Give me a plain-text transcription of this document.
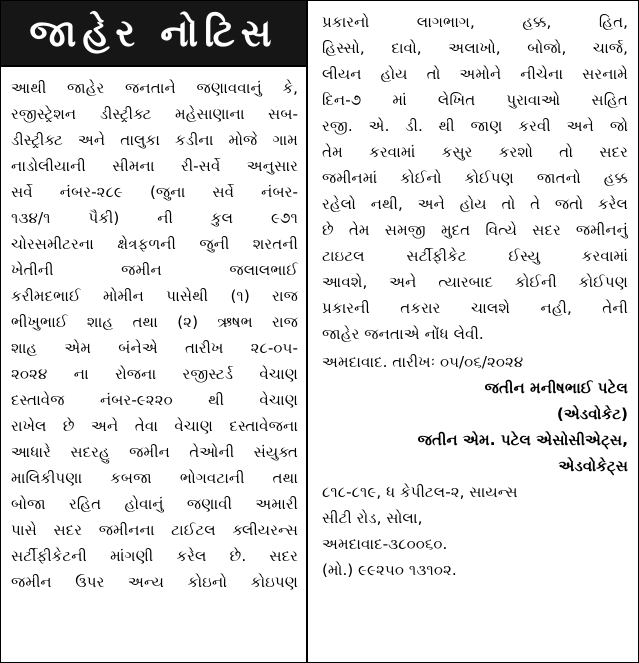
જાહેર નોટિસ
આથી જાહેર જનતાને જણાવવાનું કે,
રજીસ્ટ્રેશન ડીસ્ટ્રીક્ટ મહેસાણાના સબ-
ડીસ્ટ્રીક્ટ અને તાલુકા કડીના મોજે ગામ
નાડોલીયાની સીમના રી-સર્વે અનુસાર
સર્વે નંબર-૨૮૯ (જુના સર્વે નંબર-
૧૩૪/૧ પૈકી) ની કુલ ૯૭૧
ચોરસમીટરના ક્ષેત્રફળની જુની શરતની
ખેતીની જમીન જલાલભાઈ
કરીમદભાઈ મોમીન પાસેથી (૧) રાજ
ભીખુભાઈ શાહ તથા (૨) ઋષભ રાજ
શાહ એમ બંનેએ તારીખ ૨૮-૦૫-
૨૦૨૪ ના રોજના રજીસ્ટર્ડ વેચાણ
દસ્તાવેજ નંબર-૯૨૨૦ થી વેચાણ
રાખેલ છે અને તેવા વેચાણ દસ્તાવેજના
આધારે સદરહુ જમીન તેઓની સંયુક્ત
માલિકીપણા કબજા ભોગવટાની તથા
બોજા રહિત હોવાનું જણાવી અમારી
પાસે સદર જમીનના ટાઈટલ ક્લીયરન્સ
સર્ટીફીકેટની માંગણી કરેલ છે. સદર
જમીન ઉપર અન્ય કોઇનો કોઇપણ
પ્રકારનો લાગભાગ, હક્ક, હિત,
હિસ્સો, દાવો, અલાખો, બોજો, ચાર્જ,
લીયન હોય તો અમોને નીચેના સરનામે
દિન-૭ માં લેખિત પુરાવાઓ સહિત
રજી. એ. ડી. થી જાણ કરવી અને જો
તેમ કરવામાં કસુર કરશો તો સદર
જમીનમાં કોઈનો કોઈપણ જાતનો હક્ક
રહેલો નથી, અને હોય તો તે જતો કરેલ
છે તેમ સમજી મુદત વિત્યે સદર જમીનનું
ટાઇટલ સર્ટીફીકેટ ઈસ્યુ કરવામાં
આવશે, અને ત્યારબાદ કોઈની કોઈપણ
પ્રકારની તકરાર ચાલશે નહી, તેની
જાહેર જનતાએ નોંધ લેવી.
અમદાવાદ. તારીખઃ ૦૫/૦૬/૨૦૨૪
જતીન મનીષભાઈ પટેલ
(એડવોકેટ)
જતીન એમ. પટેલ એસોસીએટ્સ,
એડવોકેટ્સ
૮૧૮-૮૧૯, ધ કેપીટલ-૨, સાયન્સ
સીટી રોડ, સોલા,
અમદાવાદ-૩૮૦૦૬૦.
(મો.) ૯૯૨૫૦ ૧૩૧૦૨.
